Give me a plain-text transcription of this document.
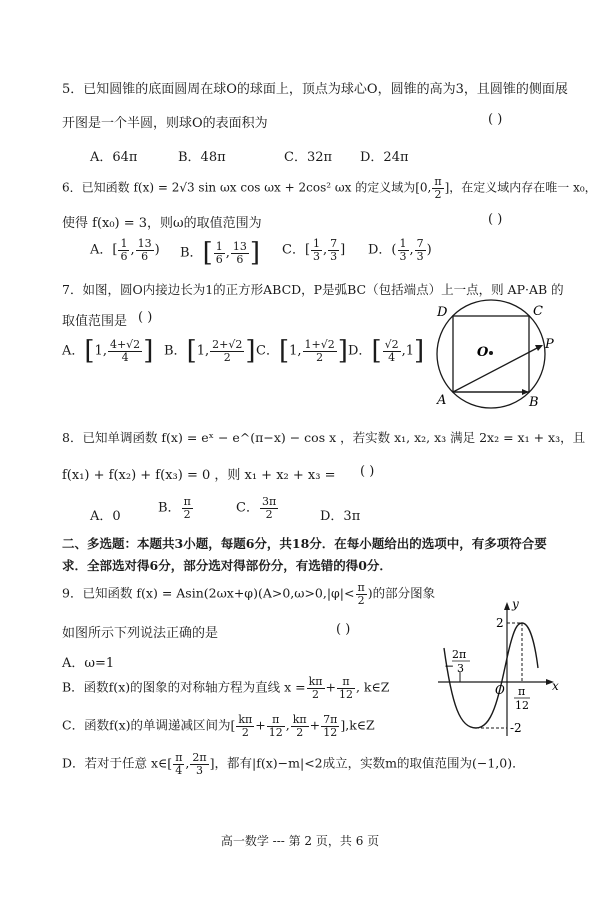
5．已知圆锥的底面圆周在球O的球面上，顶点为球心O，圆锥的高为3，且圆锥的侧面展
开图是一个半圆，则球O的表面积为	( )
A．64π	B．48π	C．32π D．24π
6．已知函数 f(x) = 2√3 sin ωx cos ωx + 2cos² ωx 的定义域为[0, $\frac{\pi}{2}$ ]，在定义域内存在唯一 x₀，
使得 f(x₀) = 3，则ω的取值范围为	( )
A．[ $\frac{1}{6}$ , $\frac{13}{6}$ ) B．[ $\frac{1}{6}$ , $\frac{13}{6}$ ] C．[ $\frac{1}{3}$ , $\frac{7}{3}$ ] D．( $\frac{1}{3}$ , $\frac{7}{3}$ )
7．如图，圆O内接边长为1的正方形ABCD，P是弧BC（包括端点）上一点，则 AP·AB 的
取值范围是 ( )
A．[1, $\frac{4+√2}{4}$ ] B．[1, $\frac{2+√2}{2}$ ] C．[1, $\frac{1+√2}{2}$ ] D．[ $\frac{√2}{4} ,1$]	O
D	C
A	B
P
8．已知单调函数 f(x) = eˣ − e^(π−x) − cos x ，若实数 x₁, x₂, x₃ 满足 2x₂ = x₁ + x₃，且
f(x₁) + f(x₂) + f(x₃) = 0 ，则 x₁ + x₂ + x₃ = ( )
A．0
B． $\frac{\pi}{2}$	C． $\frac{3\pi}{2}$	D．3π
二、多选题：本题共3小题，每题6分，共18分．在每小题给出的选项中，有多项符合要
求．全部选对得6分，部分选对得部份分，有选错的得0分．
9．已知函数 $f(x) = Asin(2\omega x+\varphi)(A>0,\omega>0,|\varphi|< \frac{\pi}{2}$ )的部分图象
如图所示下列说法正确的是	( )
A．ω=1
B．函数f(x)的图象的对称轴方程为直线 $x = \frac{k\pi}{2} + \frac{\pi}{12}$ , k∈Z
C．函数f(x)的单调递减区间为[ $\frac{k\pi}{2} + \frac{\pi}{12}$ , $\frac{k\pi}{2} + \frac{7\pi}{12}$ ],k∈Z
D．若对于任意 x∈[ $\frac{\pi}{4}$ , $\frac{2\pi}{3}$ ]，都有|f(x)−m|<2成立，实数m的取值范围为(−1,0)．
y
x
O
2
-2
−
2π
3
π
12
高一数学 --- 第 2 页，共 6 页
